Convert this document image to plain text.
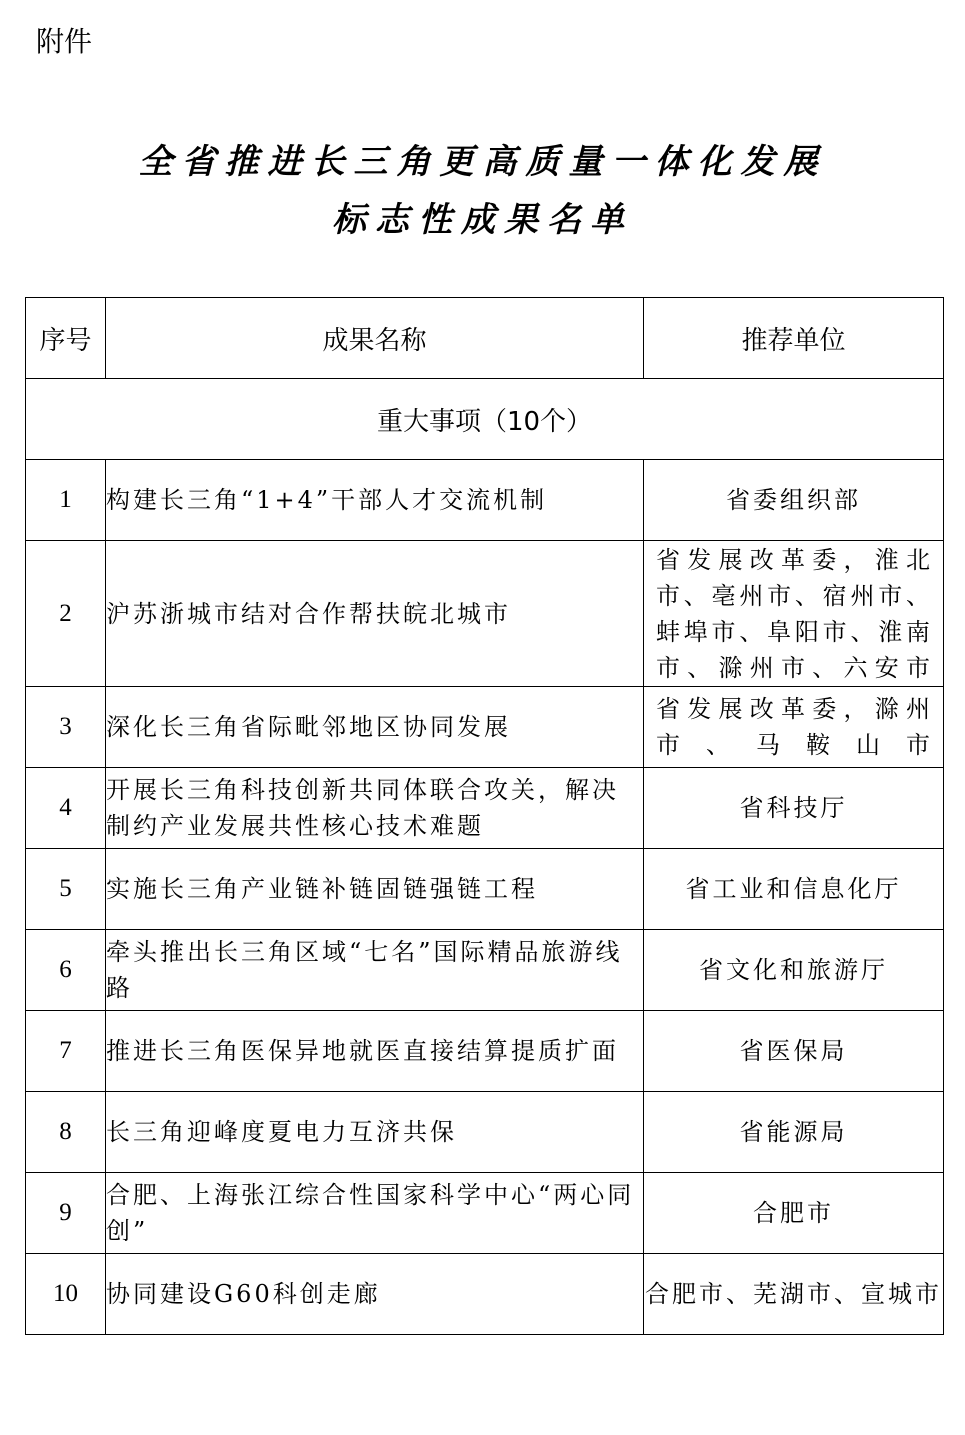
附件
全省推进长三角更高质量一体化发展
标志性成果名单
序号	成果名称	推荐单位
重大事项（10个）		
1	构建长三角“1+4”干部人才交流机制	省委组织部
2	沪苏浙城市结对合作帮扶皖北城市	省发展改革委，淮北市、亳州市、宿州市、蚌埠市、阜阳市、淮南市、滁州市、六安市
3	深化长三角省际毗邻地区协同发展	省发展改革委，滁州市、马鞍山市
4	开展长三角科技创新共同体联合攻关，解决制约产业发展共性核心技术难题	省科技厅
5	实施长三角产业链补链固链强链工程	省工业和信息化厅
6	牵头推出长三角区域“七名”国际精品旅游线路	省文化和旅游厅
7	推进长三角医保异地就医直接结算提质扩面	省医保局
8	长三角迎峰度夏电力互济共保	省能源局
9	合肥、上海张江综合性国家科学中心“两心同创”	合肥市
10	协同建设G60科创走廊	合肥市、芜湖市、宣城市
